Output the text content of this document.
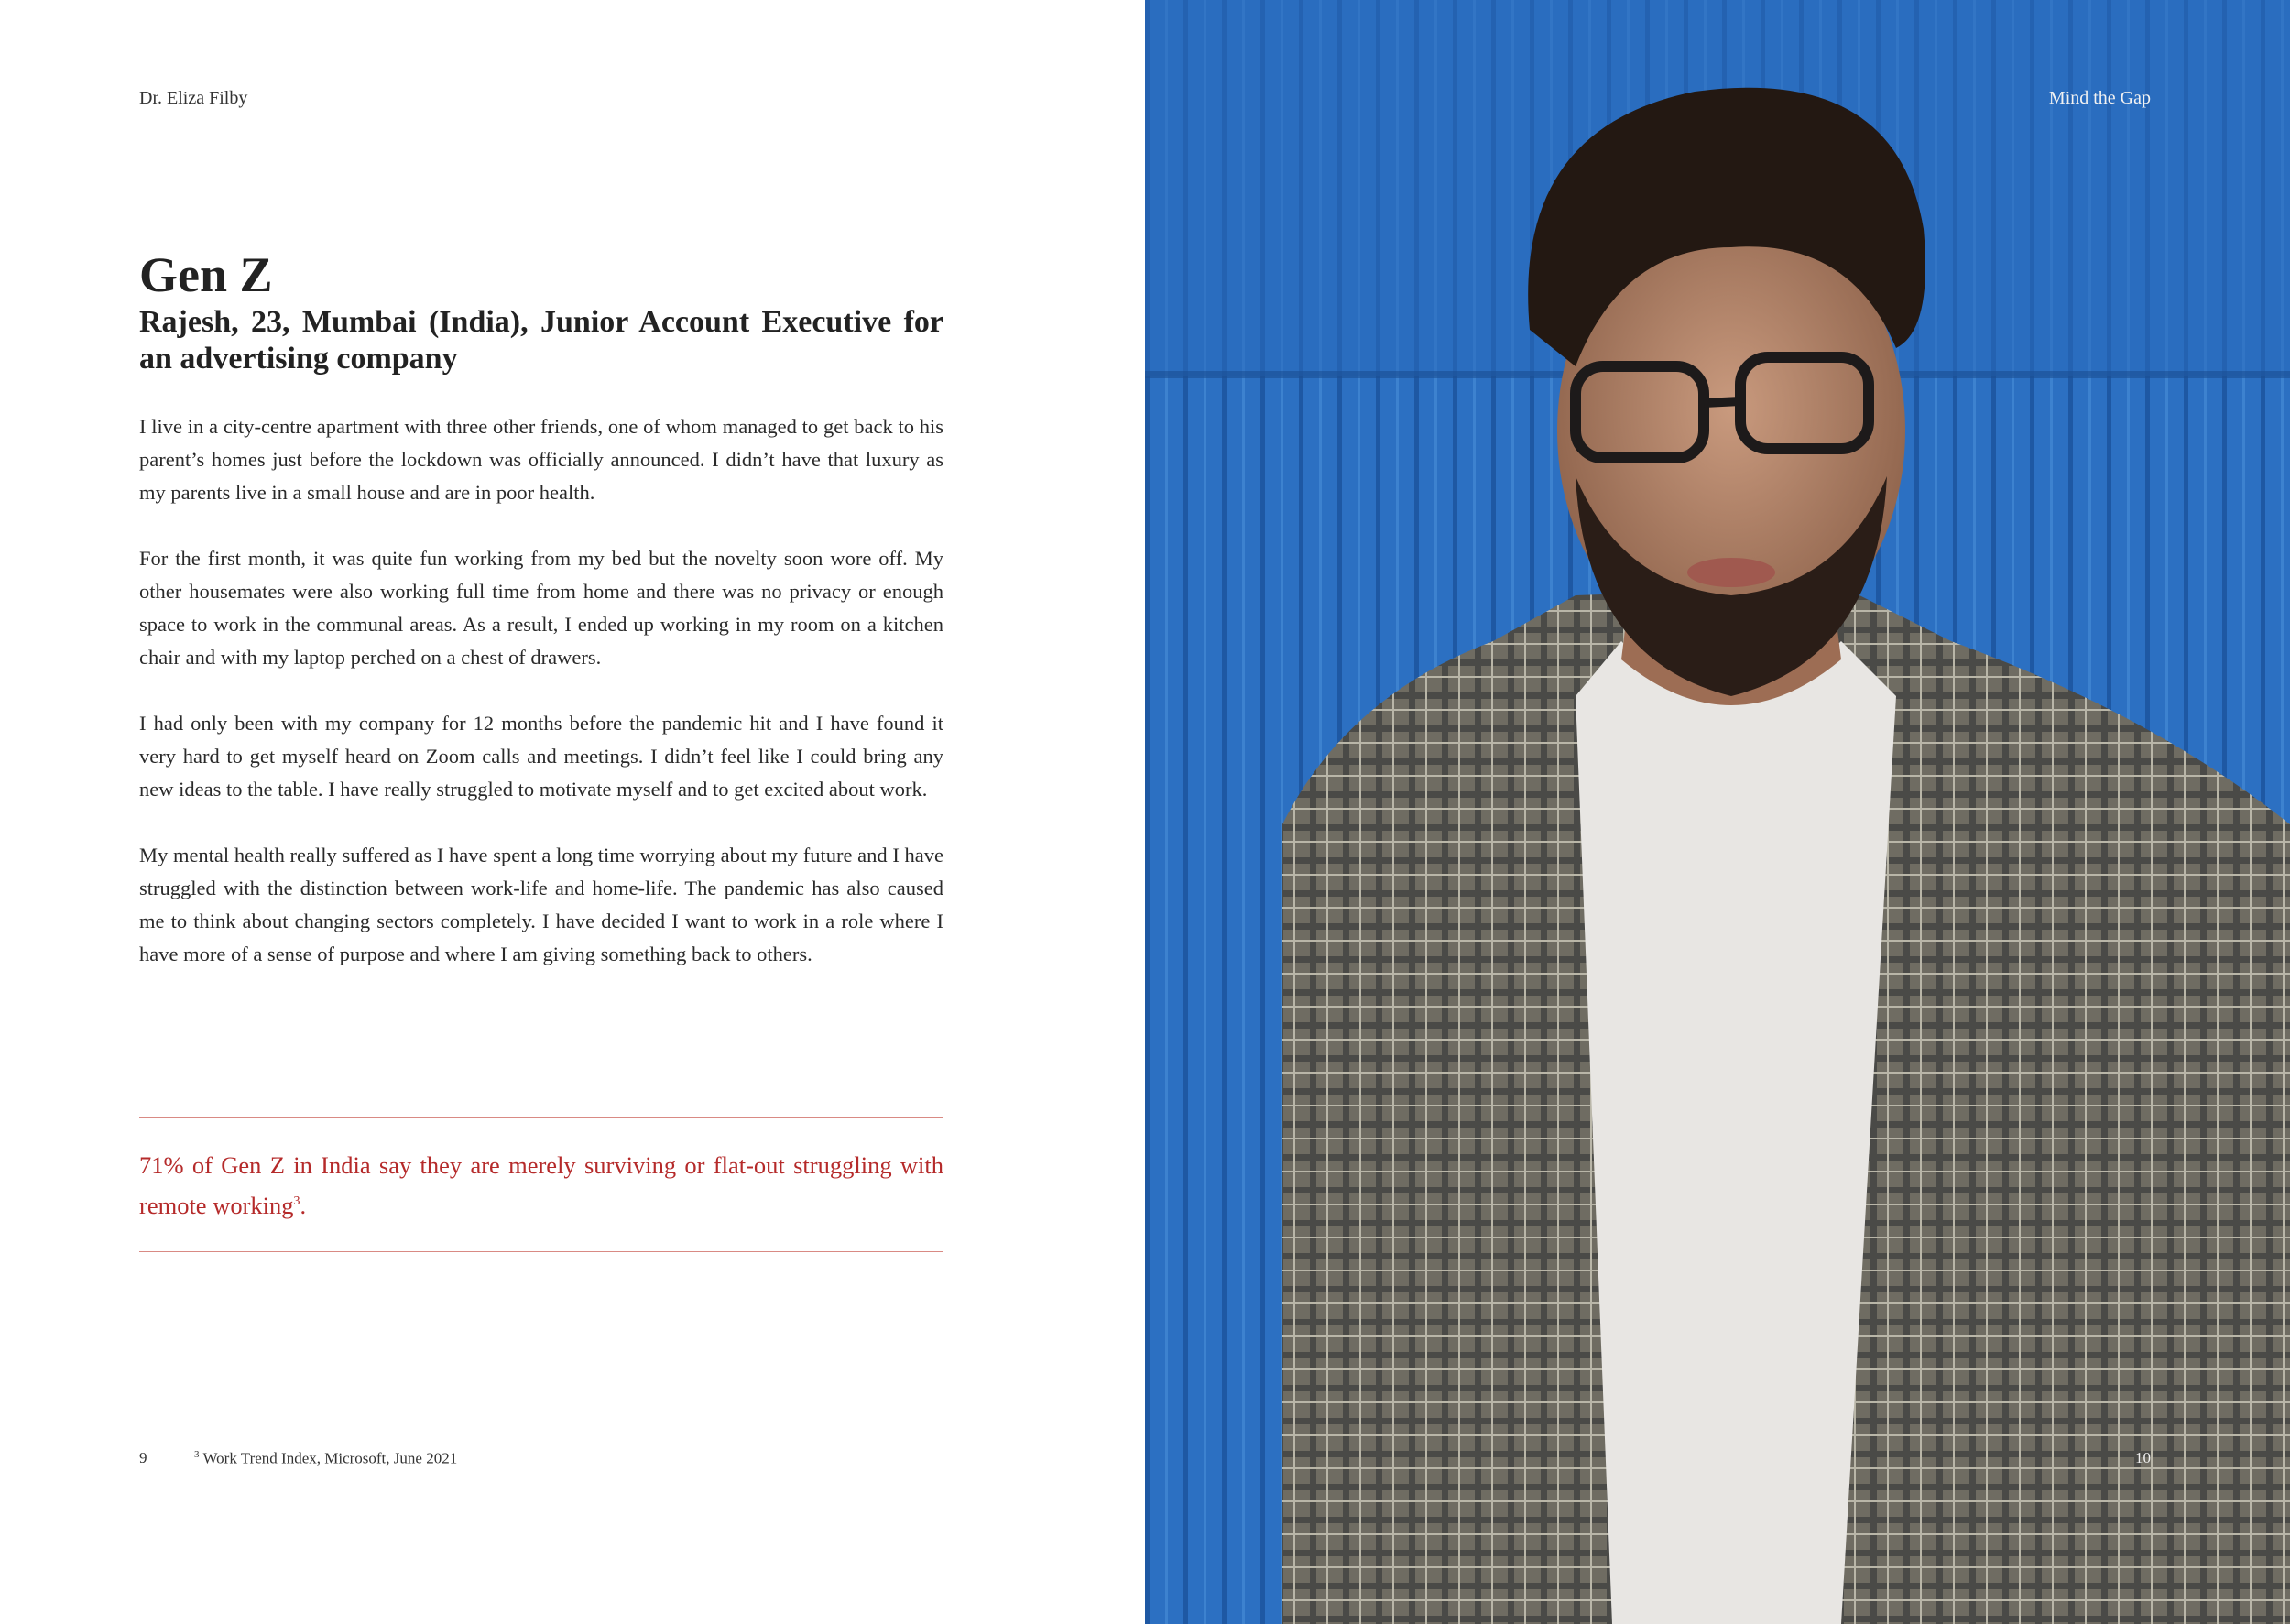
Dr. Eliza Filby
Gen Z
Rajesh, 23, Mumbai (India), Junior Account Executive for an advertising company

I live in a city-centre apartment with three other friends, one of whom managed to get back to his parent’s homes just before the lockdown was officially announced. I didn’t have that luxury as my parents live in a small house and are in poor health.

For the first month, it was quite fun working from my bed but the novelty soon wore off. My other housemates were also working full time from home and there was no privacy or enough space to work in the communal areas. As a result, I ended up working in my room on a kitchen chair and with my laptop perched on a chest of drawers.

I had only been with my company for 12 months before the pandemic hit and I have found it very hard to get myself heard on Zoom calls and meetings. I didn’t feel like I could bring any new ideas to the table. I have really struggled to motivate myself and to get excited about work.

My mental health really suffered as I have spent a long time worrying about my future and I have struggled with the distinction between work-life and home-life. The pandemic has also caused me to think about changing sectors completely. I have decided I want to work in a role where I have more of a sense of purpose and where I am giving something back to others.

71% of Gen Z in India say they are merely surviving or flat-out struggling with remote working$^3$.

9	$^3$ Work Trend Index, Microsoft, June 2021
Mind the Gap
10
